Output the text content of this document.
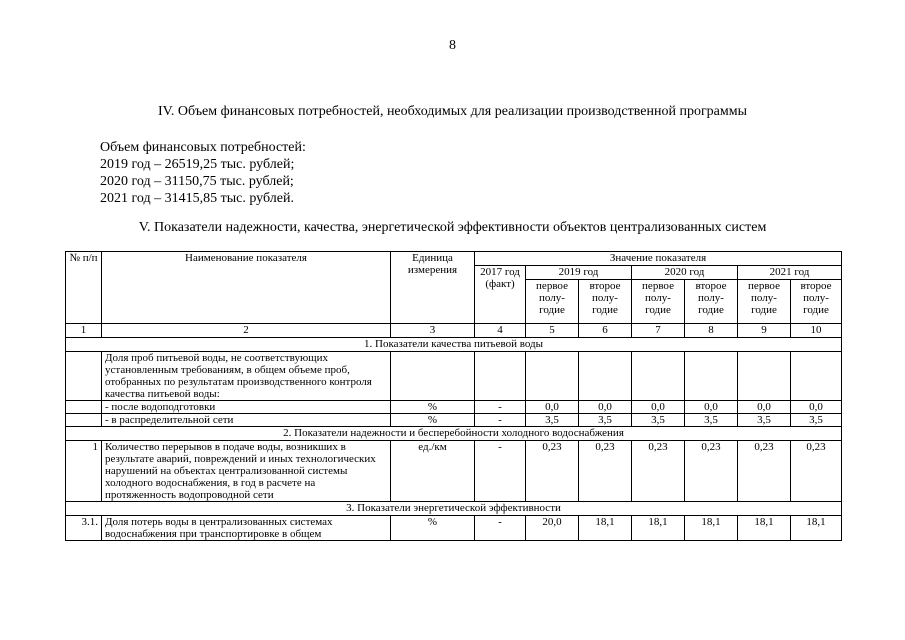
8
IV. Объем финансовых потребностей, необходимых для реализации производственной программы
Объем финансовых потребностей:
2019 год – 26519,25 тыс. рублей;
2020 год – 31150,75 тыс. рублей;
2021 год – 31415,85 тыс. рублей.
V. Показатели надежности, качества, энергетической эффективности объектов централизованных систем
№ п/п	Наименование показателя	Единица измерения	Значение показателя						
			2017 год (факт)	2019 год		2020 год		2021 год	
				первое полу-годие	второе полу-годие	первое полу-годие	второе полу-годие	первое полу-годие	второе полу-годие
1	2	3	4	5	6	7	8	9	10
1. Показатели качества питьевой воды									
	Доля проб питьевой воды, не соответствующих установленным требованиям, в общем объеме проб, отобранных по результатам производственного контроля качества питьевой воды:								
	- после водоподготовки	%	-	0,0	0,0	0,0	0,0	0,0	0,0
	- в распределительной сети	%	-	3,5	3,5	3,5	3,5	3,5	3,5
2. Показатели надежности и бесперебойности холодного водоснабжения									
1	Количество перерывов в подаче воды, возникших в результате аварий, повреждений и иных технологических нарушений на объектах централизованной системы холодного водоснабжения, в год в расчете на протяженность водопроводной сети	ед./км	-	0,23	0,23	0,23	0,23	0,23	0,23
3. Показатели энергетической эффективности									
3.1.	Доля потерь воды в централизованных системах водоснабжения при транспортировке в общем	%	-	20,0	18,1	18,1	18,1	18,1	18,1
